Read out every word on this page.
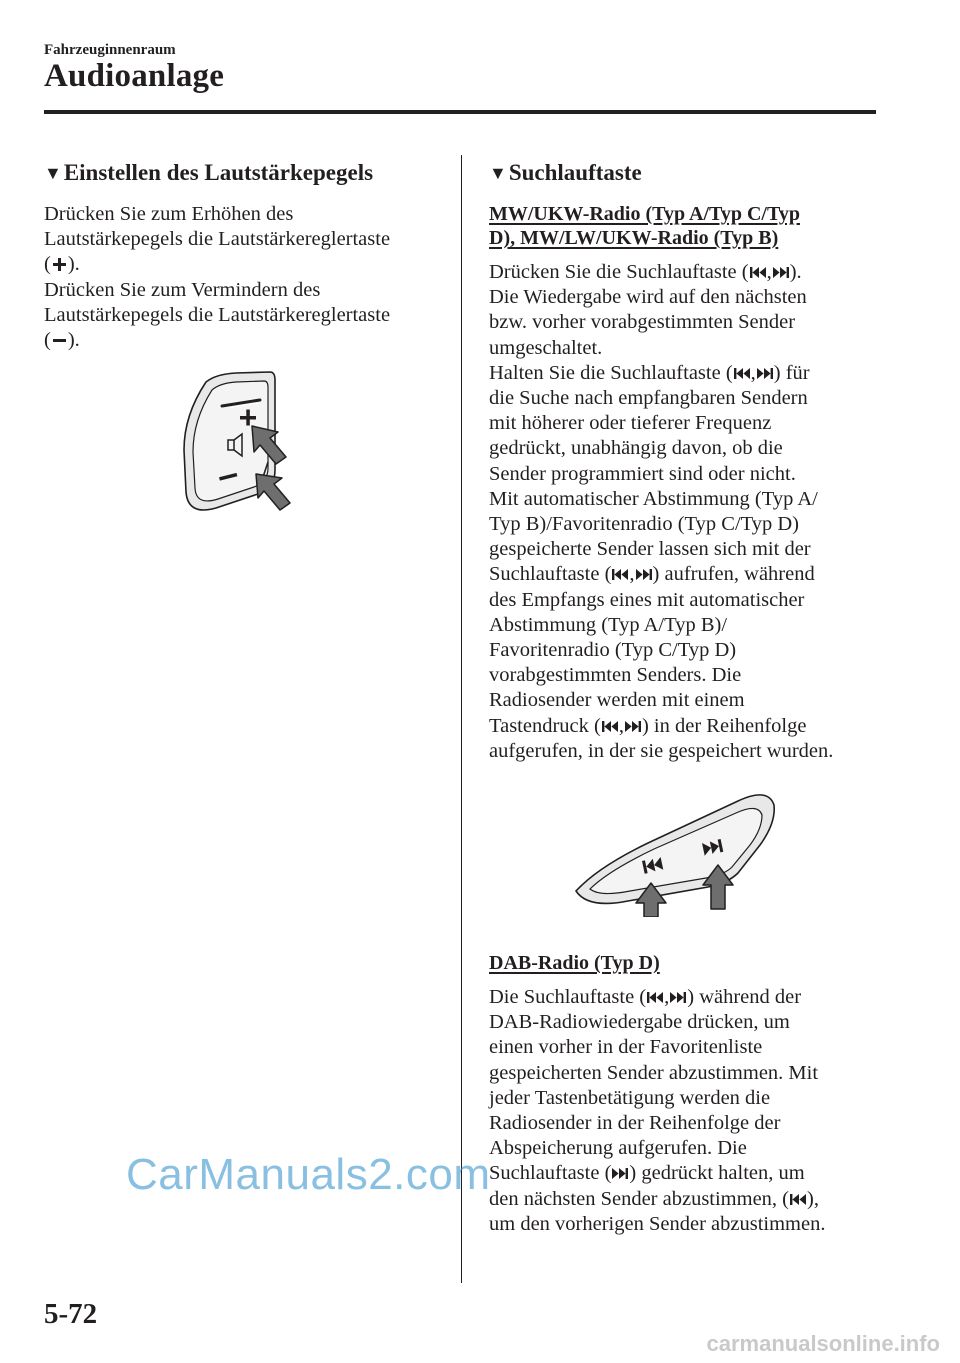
Fahrzeuginnenraum
Audioanlage
▼Einstellen des Lautstärkepegels

Drücken Sie zum Erhöhen des
Lautstärkepegels die Lautstärkereglertaste
( ).

Drücken Sie zum Vermindern des
Lautstärkepegels die Lautstärkereglertaste
( ).

▼Suchlauftaste
MW/UKW-Radio (Typ A/Typ C/Typ
D), MW/LW/UKW-Radio (Typ B)

Drücken Sie die Suchlauftaste ( , ).
Die Wiedergabe wird auf den nächsten
bzw. vorher vorabgestimmten Sender
umgeschaltet.
Halten Sie die Suchlauftaste ( , ) für
die Suche nach empfangbaren Sendern
mit höherer oder tieferer Frequenz
gedrückt, unabhängig davon, ob die
Sender programmiert sind oder nicht.
Mit automatischer Abstimmung (Typ A/
Typ B)/Favoritenradio (Typ C/Typ D)
gespeicherte Sender lassen sich mit der
Suchlauftaste ( , ) aufrufen, während
des Empfangs eines mit automatischer
Abstimmung (Typ A/Typ B)/
Favoritenradio (Typ C/Typ D)
vorabgestimmten Senders. Die
Radiosender werden mit einem
Tastendruck ( , ) in der Reihenfolge
aufgerufen, in der sie gespeichert wurden.

DAB-Radio (Typ D)

Die Suchlauftaste ( , ) während der
DAB-Radiowiedergabe drücken, um
einen vorher in der Favoritenliste
gespeicherten Sender abzustimmen. Mit
jeder Tastenbetätigung werden die
Radiosender in der Reihenfolge der
Abspeicherung aufgerufen. Die
Suchlauftaste ( ) gedrückt halten, um
den nächsten Sender abzustimmen, ( ),
um den vorherigen Sender abzustimmen.

5-72
CarManuals2.com
carmanualsonline.info
